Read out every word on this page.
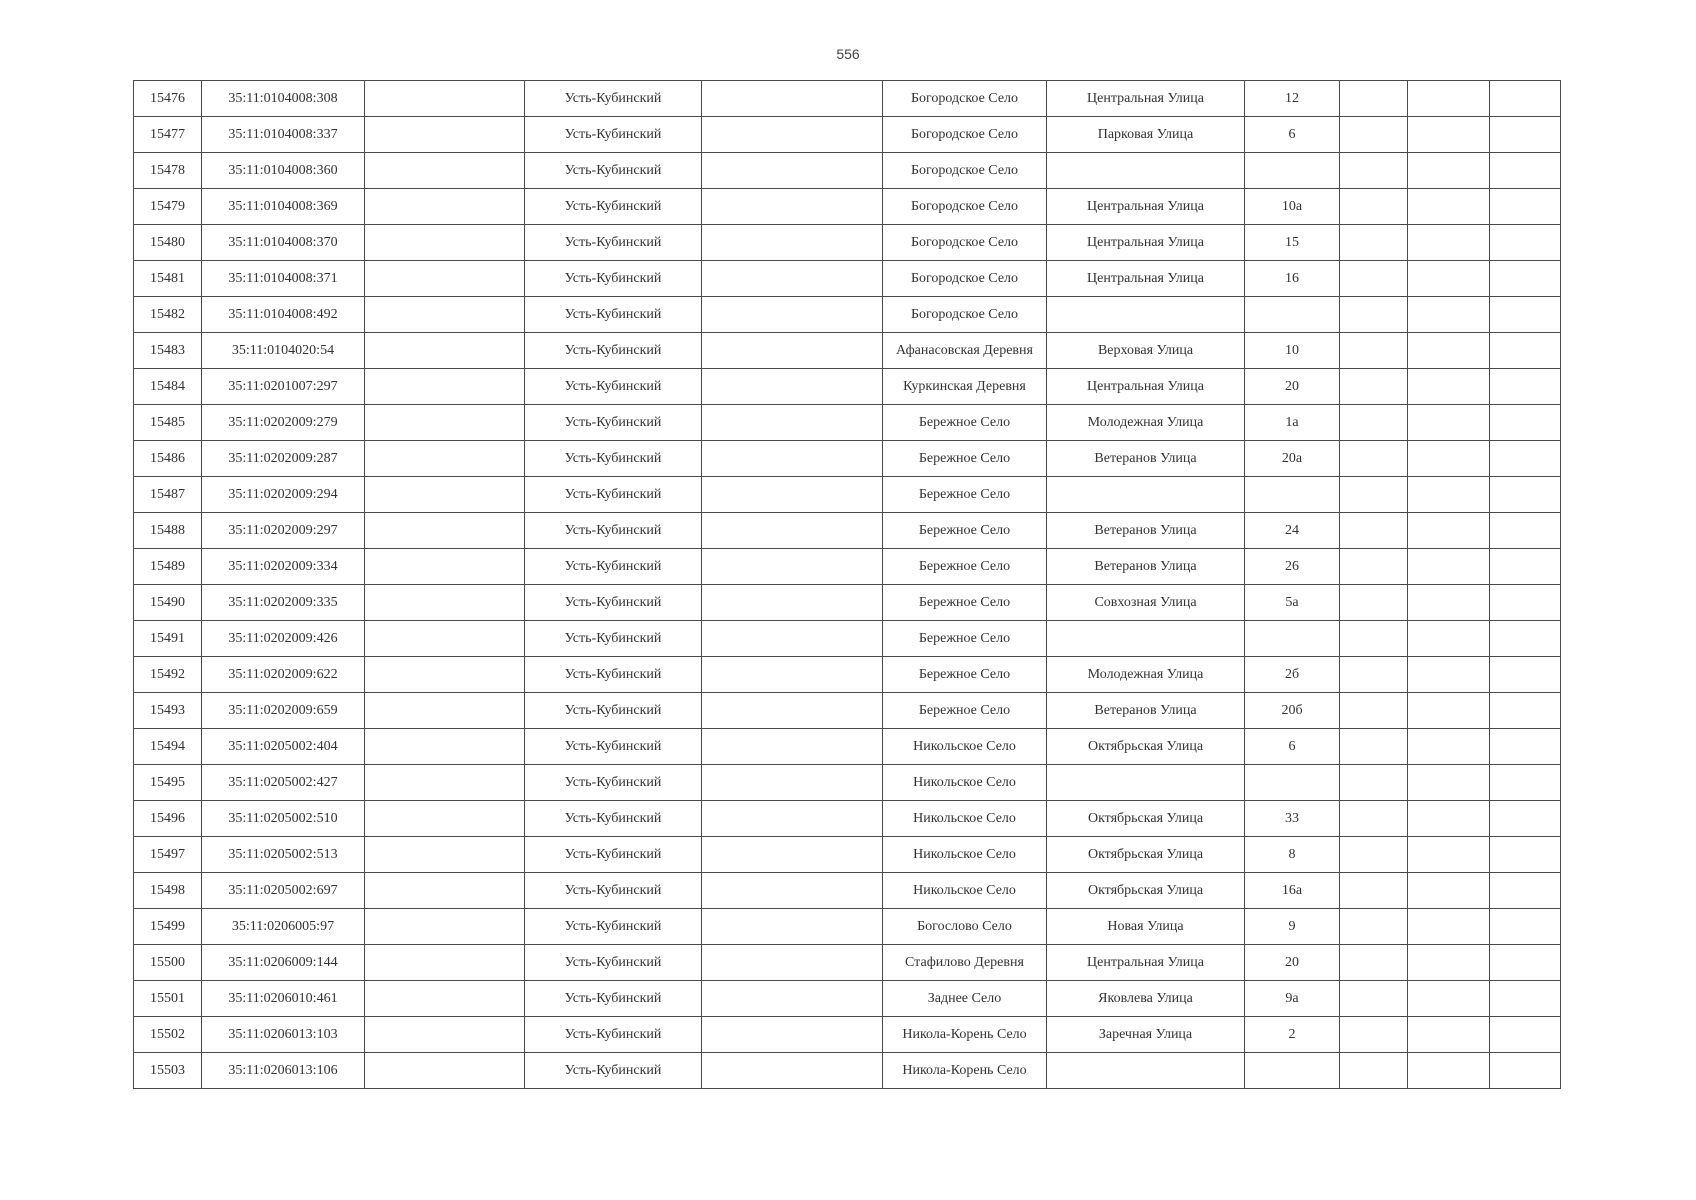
556
15476	35:11:0104008:308		Усть-Кубинский		Богородское Село	Центральная Улица	12			
15477	35:11:0104008:337		Усть-Кубинский		Богородское Село	Парковая Улица	6			
15478	35:11:0104008:360		Усть-Кубинский		Богородское Село					
15479	35:11:0104008:369		Усть-Кубинский		Богородское Село	Центральная Улица	10а			
15480	35:11:0104008:370		Усть-Кубинский		Богородское Село	Центральная Улица	15			
15481	35:11:0104008:371		Усть-Кубинский		Богородское Село	Центральная Улица	16			
15482	35:11:0104008:492		Усть-Кубинский		Богородское Село					
15483	35:11:0104020:54		Усть-Кубинский		Афанасовская Деревня	Верховая Улица	10			
15484	35:11:0201007:297		Усть-Кубинский		Куркинская Деревня	Центральная Улица	20			
15485	35:11:0202009:279		Усть-Кубинский		Бережное Село	Молодежная Улица	1а			
15486	35:11:0202009:287		Усть-Кубинский		Бережное Село	Ветеранов Улица	20а			
15487	35:11:0202009:294		Усть-Кубинский		Бережное Село					
15488	35:11:0202009:297		Усть-Кубинский		Бережное Село	Ветеранов Улица	24			
15489	35:11:0202009:334		Усть-Кубинский		Бережное Село	Ветеранов Улица	26			
15490	35:11:0202009:335		Усть-Кубинский		Бережное Село	Совхозная Улица	5а			
15491	35:11:0202009:426		Усть-Кубинский		Бережное Село					
15492	35:11:0202009:622		Усть-Кубинский		Бережное Село	Молодежная Улица	2б			
15493	35:11:0202009:659		Усть-Кубинский		Бережное Село	Ветеранов Улица	20б			
15494	35:11:0205002:404		Усть-Кубинский		Никольское Село	Октябрьская Улица	6			
15495	35:11:0205002:427		Усть-Кубинский		Никольское Село					
15496	35:11:0205002:510		Усть-Кубинский		Никольское Село	Октябрьская Улица	33			
15497	35:11:0205002:513		Усть-Кубинский		Никольское Село	Октябрьская Улица	8			
15498	35:11:0205002:697		Усть-Кубинский		Никольское Село	Октябрьская Улица	16а			
15499	35:11:0206005:97		Усть-Кубинский		Богослово Село	Новая Улица	9			
15500	35:11:0206009:144		Усть-Кубинский		Стафилово Деревня	Центральная Улица	20			
15501	35:11:0206010:461		Усть-Кубинский		Заднее Село	Яковлева Улица	9а			
15502	35:11:0206013:103		Усть-Кубинский		Никола-Корень Село	Заречная Улица	2			
15503	35:11:0206013:106		Усть-Кубинский		Никола-Корень Село					
